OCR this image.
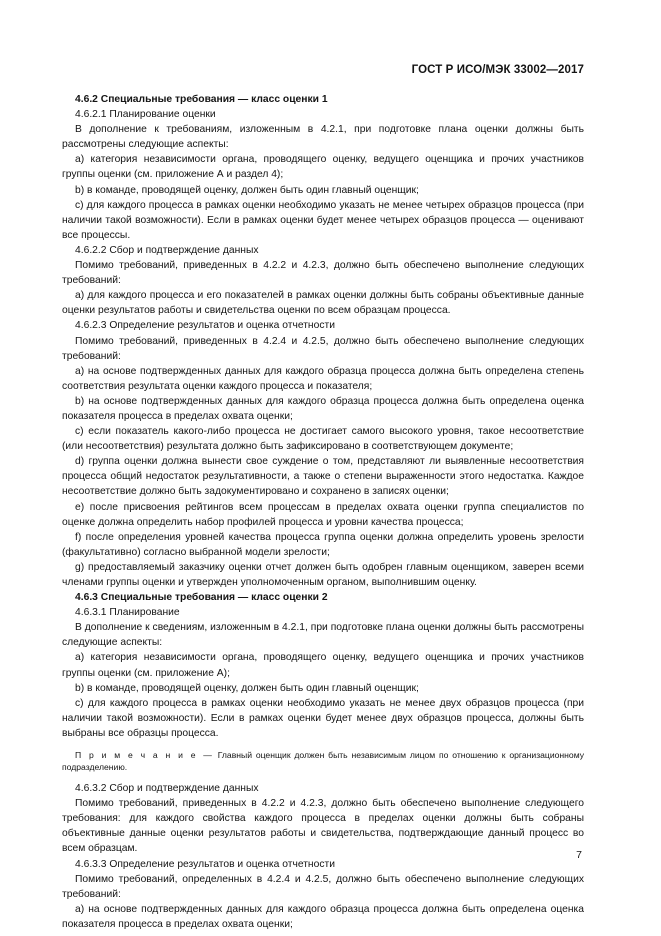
ГОСТ Р ИСО/МЭК 33002—2017

4.6.2 Специальные требования — класс оценки 1

4.6.2.1 Планирование оценки

В дополнение к требованиям, изложенным в 4.2.1, при подготовке плана оценки должны быть рассмотрены следующие аспекты:

a) категория независимости органа, проводящего оценку, ведущего оценщика и прочих участников группы оценки (см. приложение А и раздел 4);

b) в команде, проводящей оценку, должен быть один главный оценщик;

c) для каждого процесса в рамках оценки необходимо указать не менее четырех образцов процесса (при наличии такой возможности). Если в рамках оценки будет менее четырех образцов процесса — оценивают все процессы.

4.6.2.2 Сбор и подтверждение данных

Помимо требований, приведенных в 4.2.2 и 4.2.3, должно быть обеспечено выполнение следующих требований:

a) для каждого процесса и его показателей в рамках оценки должны быть собраны объективные данные оценки результатов работы и свидетельства оценки по всем образцам процесса.

4.6.2.3 Определение результатов и оценка отчетности

Помимо требований, приведенных в 4.2.4 и 4.2.5, должно быть обеспечено выполнение следующих требований:

a) на основе подтвержденных данных для каждого образца процесса должна быть определена степень соответствия результата оценки каждого процесса и показателя;

b) на основе подтвержденных данных для каждого образца процесса должна быть определена оценка показателя процесса в пределах охвата оценки;

c) если показатель какого-либо процесса не достигает самого высокого уровня, такое несоответствие (или несоответствия) результата должно быть зафиксировано в соответствующем документе;

d) группа оценки должна вынести свое суждение о том, представляют ли выявленные несоответствия процесса общий недостаток результативности, а также о степени выраженности этого недостатка. Каждое несоответствие должно быть задокументировано и сохранено в записях оценки;

e) после присвоения рейтингов всем процессам в пределах охвата оценки группа специалистов по оценке должна определить набор профилей процесса и уровни качества процесса;

f) после определения уровней качества процесса группа оценки должна определить уровень зрелости (факультативно) согласно выбранной модели зрелости;

g) предоставляемый заказчику оценки отчет должен быть одобрен главным оценщиком, заверен всеми членами группы оценки и утвержден уполномоченным органом, выполнившим оценку.

4.6.3 Специальные требования — класс оценки 2

4.6.3.1 Планирование

В дополнение к сведениям, изложенным в 4.2.1, при подготовке плана оценки должны быть рассмотрены следующие аспекты:

a) категория независимости органа, проводящего оценку, ведущего оценщика и прочих участников группы оценки (см. приложение А);

b) в команде, проводящей оценку, должен быть один главный оценщик;

c) для каждого процесса в рамках оценки необходимо указать не менее двух образцов процесса (при наличии такой возможности). Если в рамках оценки будет менее двух образцов процесса, должны быть выбраны все образцы процесса.

П р и м е ч а н и е — Главный оценщик должен быть независимым лицом по отношению к организационному подразделению.

4.6.3.2 Сбор и подтверждение данных

Помимо требований, приведенных в 4.2.2 и 4.2.3, должно быть обеспечено выполнение следующего требования: для каждого свойства каждого процесса в пределах оценки должны быть собраны объективные данные оценки результатов работы и свидетельства, подтверждающие данный процесс во всем образцам.

4.6.3.3 Определение результатов и оценка отчетности

Помимо требований, определенных в 4.2.4 и 4.2.5, должно быть обеспечено выполнение следующих требований:

a) на основе подтвержденных данных для каждого образца процесса должна быть определена оценка показателя процесса в пределах охвата оценки;

7
